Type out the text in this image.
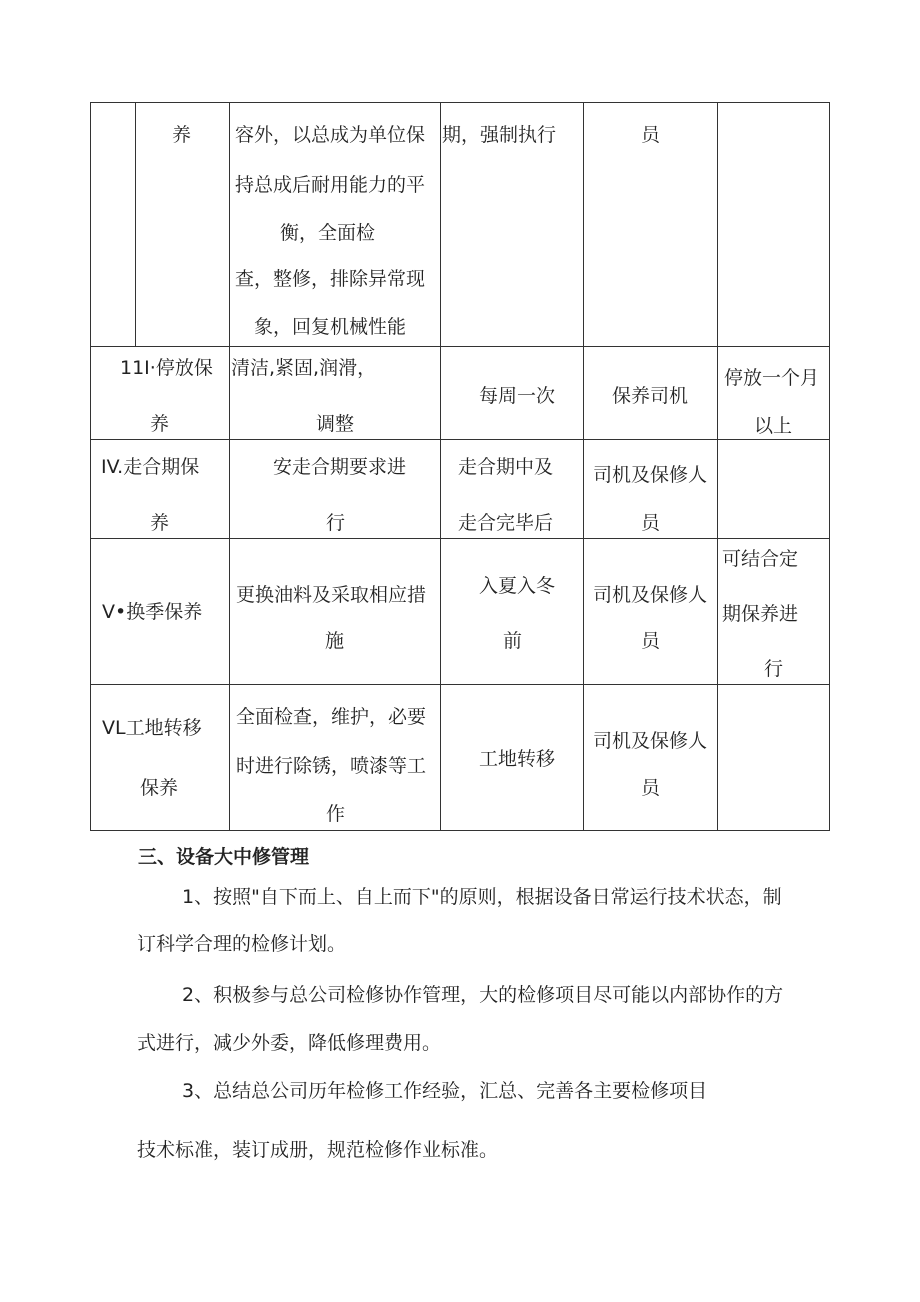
养 容外，以总成为单位保
持总成后耐用能力的平
衡，全面检
查，整修，排除异常现
象，回复机械性能
期，强制执行	员
11I·停放保
养
清洁,紧固,润滑，
调整
每周一次	保养司机
停放一个月
以上
IV.走合期保
养
安走合期要求进
行
走合期中及
走合完毕后
司机及保修人
员
V•换季保养
更换油料及采取相应措
施
入夏入冬
前
司机及保修人
员
可结合定
期保养进
行
VL工地转移
保养
全面检查，维护，必要
时进行除锈，喷漆等工
作
工地转移
司机及保修人
员
三、设备大中修管理
1、按照"自下而上、自上而下"的原则，根据设备日常运行技术状态，制
订科学合理的检修计划。
2、积极参与总公司检修协作管理，大的检修项目尽可能以内部协作的方
式进行，减少外委，降低修理费用。
3、总结总公司历年检修工作经验，汇总、完善各主要检修项目
技术标准，装订成册，规范检修作业标准。
